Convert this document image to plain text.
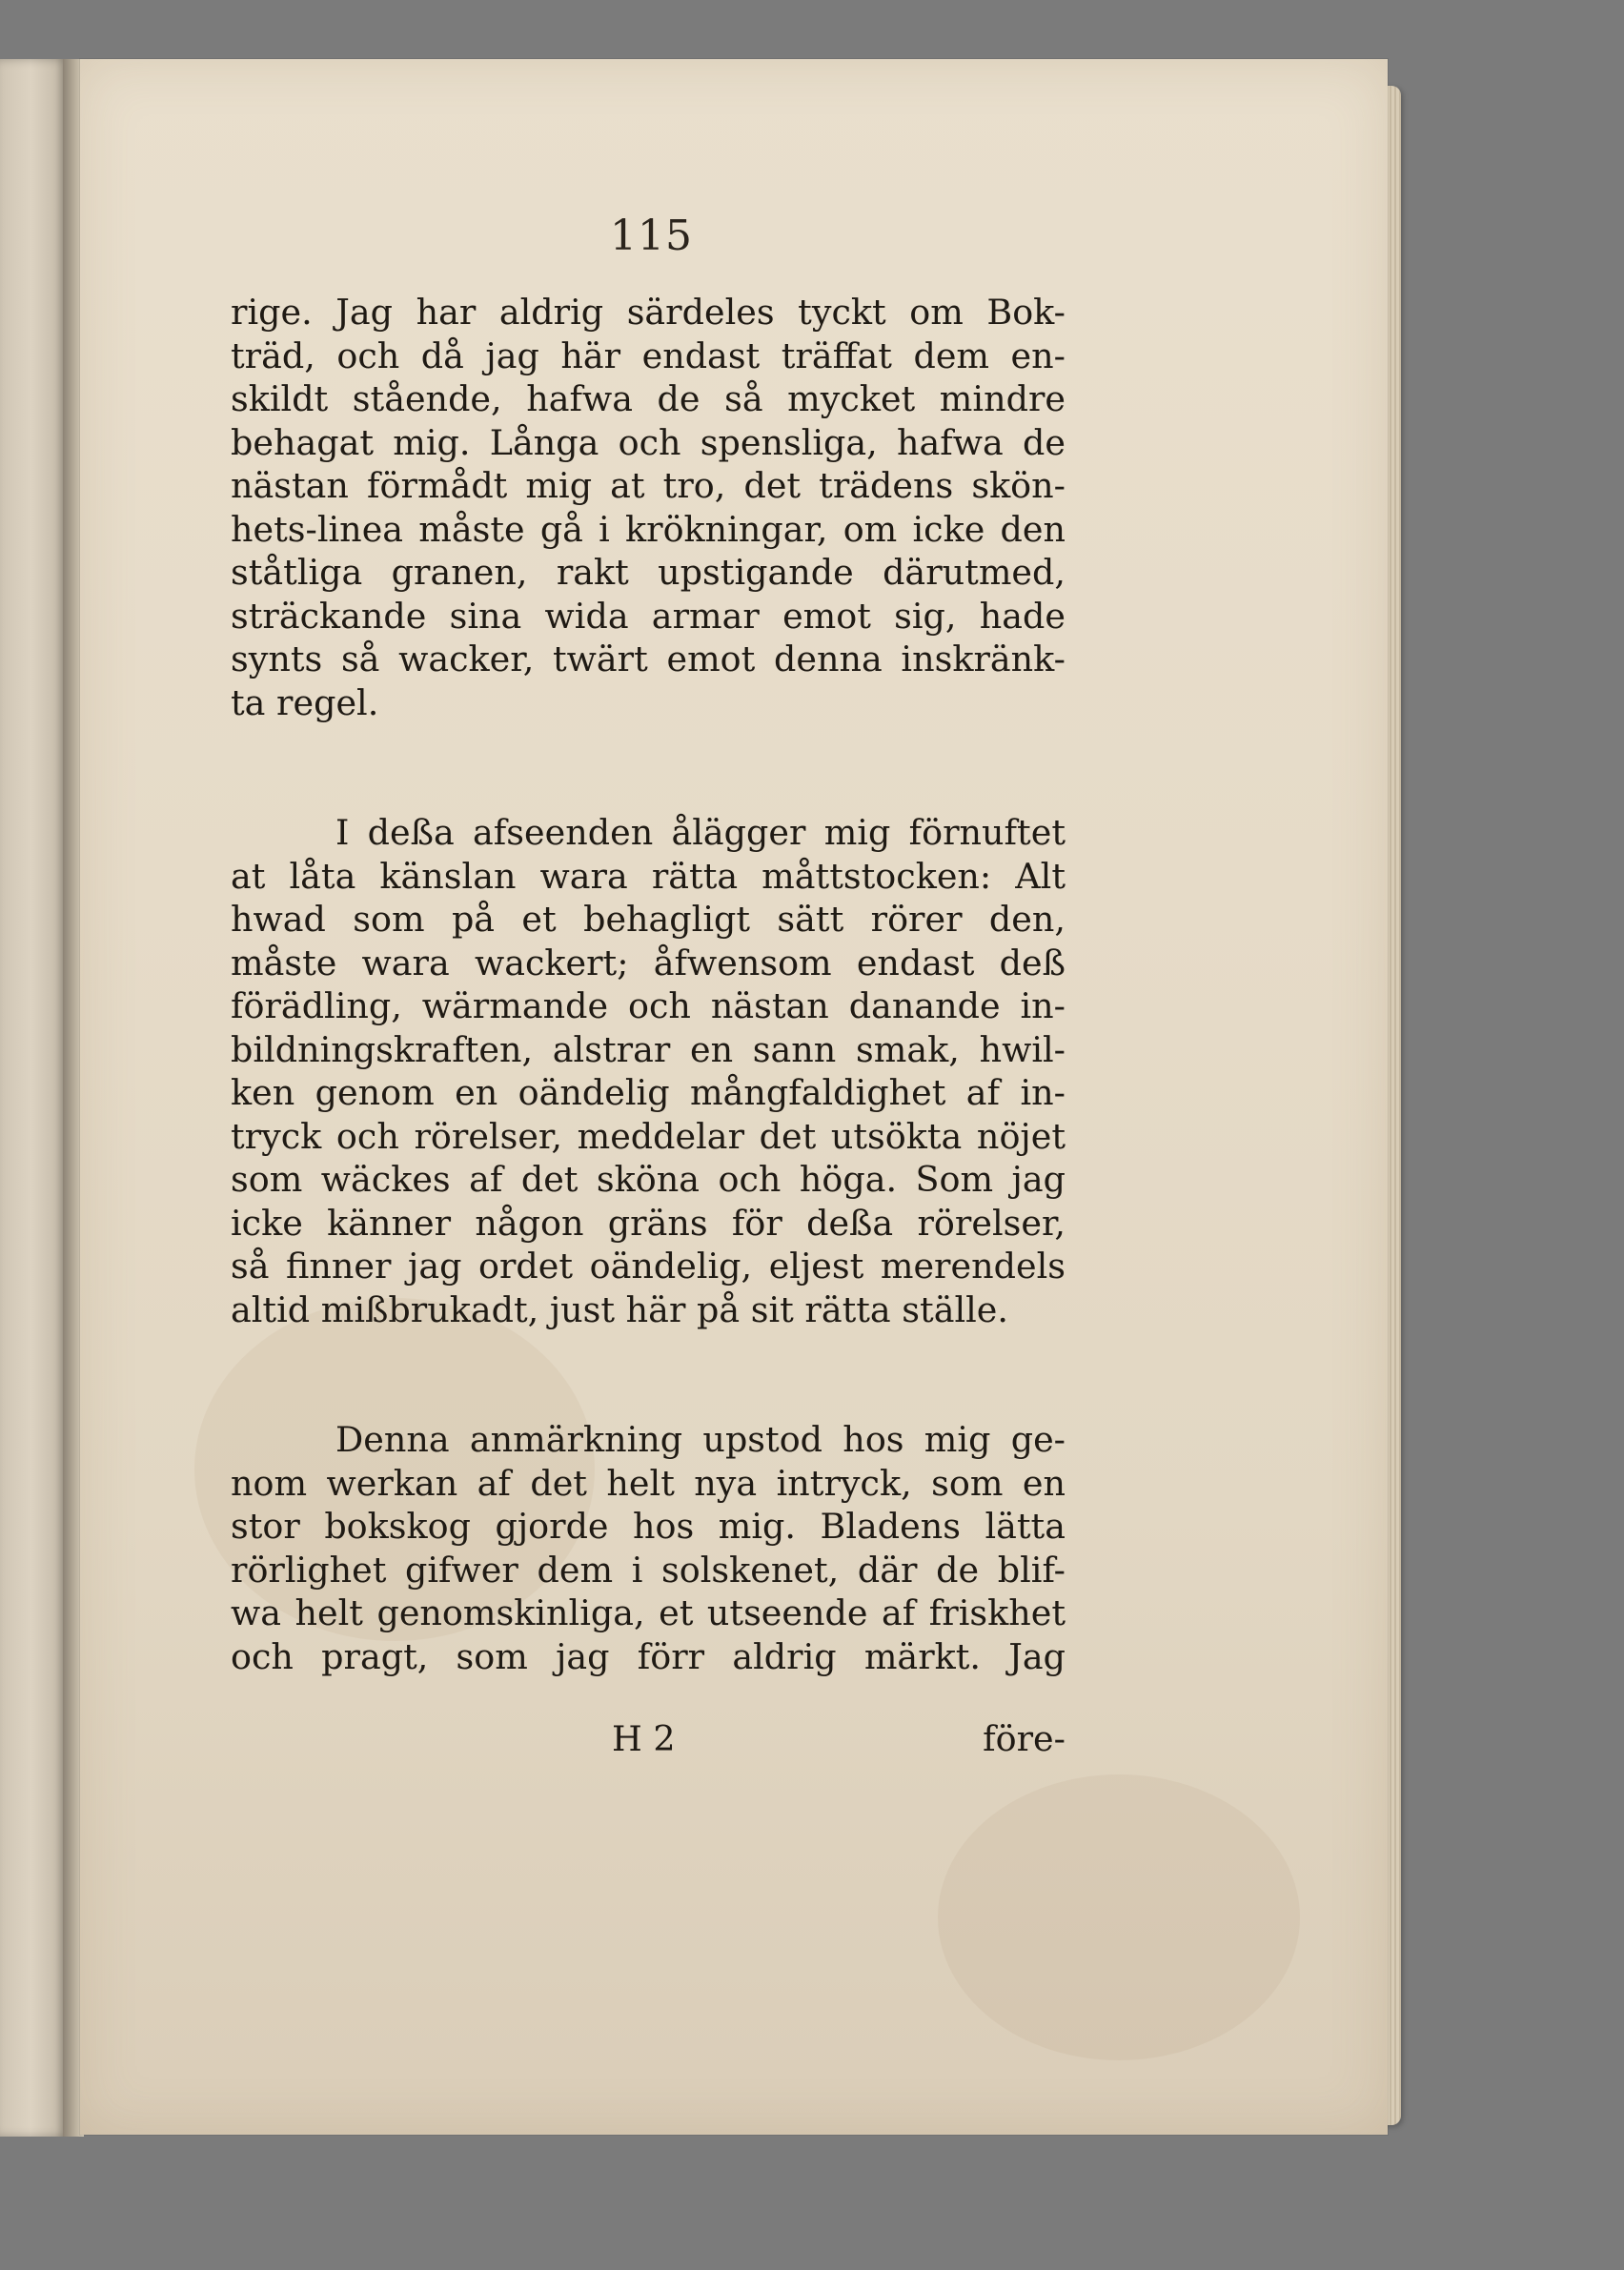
115
rige. Jag har aldrig särdeles tyckt om Bok-
träd, och då jag här endast träffat dem en-
skildt stående, hafwa de så mycket mindre
behagat mig. Långa och spensliga, hafwa de
nästan förmådt mig at tro, det trädens skön-
hets-linea måste gå i krökningar, om icke den
ståtliga granen, rakt upstigande därutmed,
sträckande sina wida armar emot sig, hade
synts så wacker, twärt emot denna inskränk-
ta regel.
I deßa afseenden ålägger mig förnuftet
at låta känslan wara rätta måttstocken: Alt
hwad som på et behagligt sätt rörer den,
måste wara wackert; åfwensom endast deß
förädling, wärmande och nästan danande in-
bildningskraften, alstrar en sann smak, hwil-
ken genom en oändelig mångfaldighet af in-
tryck och rörelser, meddelar det utsökta nöjet
som wäckes af det sköna och höga. Som jag
icke känner någon gräns för deßa rörelser,
så finner jag ordet oändelig, eljest merendels
altid mißbrukadt, just här på sit rätta ställe.
Denna anmärkning upstod hos mig ge-
nom werkan af det helt nya intryck, som en
stor bokskog gjorde hos mig. Bladens lätta
rörlighet gifwer dem i solskenet, där de blif-
wa helt genomskinliga, et utseende af friskhet
och pragt, som jag förr aldrig märkt. Jag
H 2	före-
